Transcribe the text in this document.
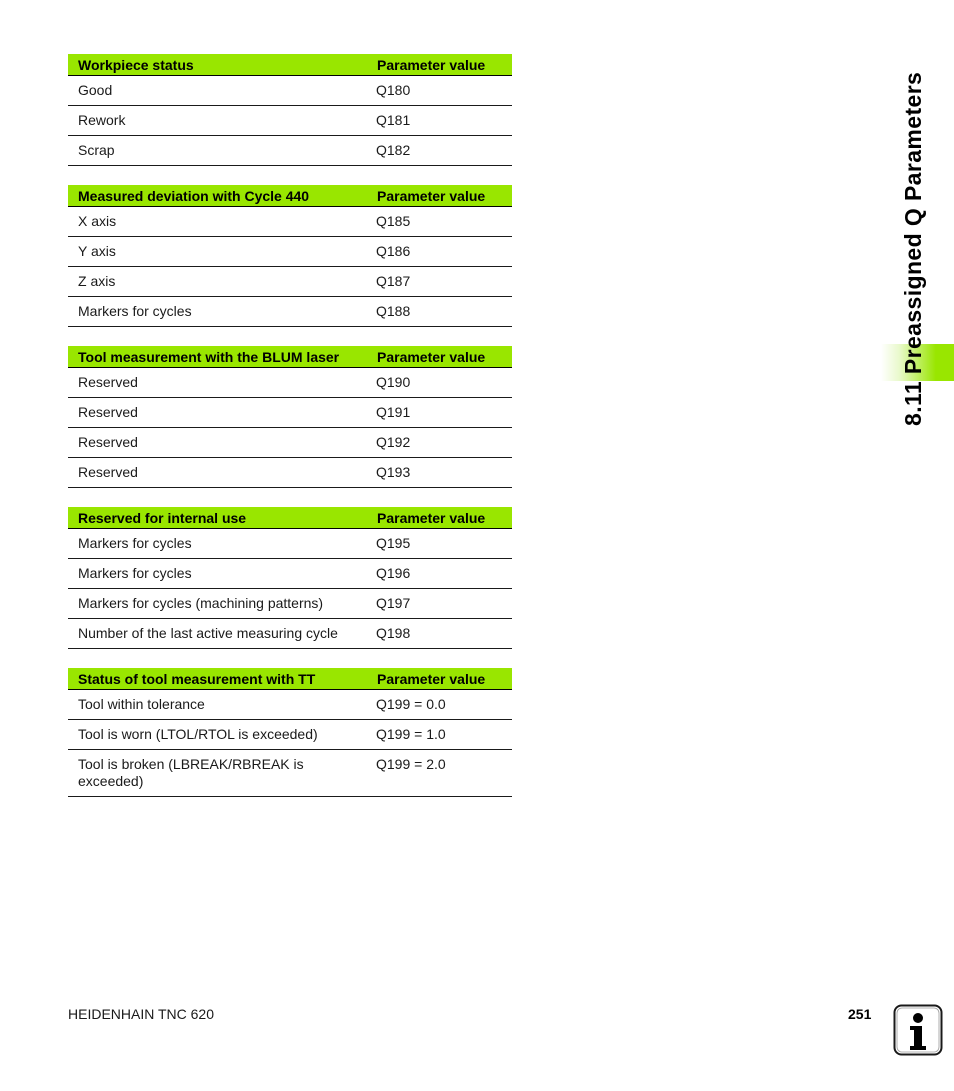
Workpiece status	Parameter value
Good	Q180
Rework	Q181
Scrap	Q182
Measured deviation with Cycle 440	Parameter value
X axis	Q185
Y axis	Q186
Z axis	Q187
Markers for cycles	Q188
Tool measurement with the BLUM laser	Parameter value
Reserved	Q190
Reserved	Q191
Reserved	Q192
Reserved	Q193
Reserved for internal use	Parameter value
Markers for cycles	Q195
Markers for cycles	Q196
Markers for cycles (machining patterns)	Q197
Number of the last active measuring cycle	Q198
Status of tool measurement with TT	Parameter value
Tool within tolerance	Q199 = 0.0
Tool is worn (LTOL/RTOL is exceeded)	Q199 = 1.0
Tool is broken (LBREAK/RBREAK is exceeded)	Q199 = 2.0
8.11 Preassigned Q Parameters
HEIDENHAIN TNC 620	251
